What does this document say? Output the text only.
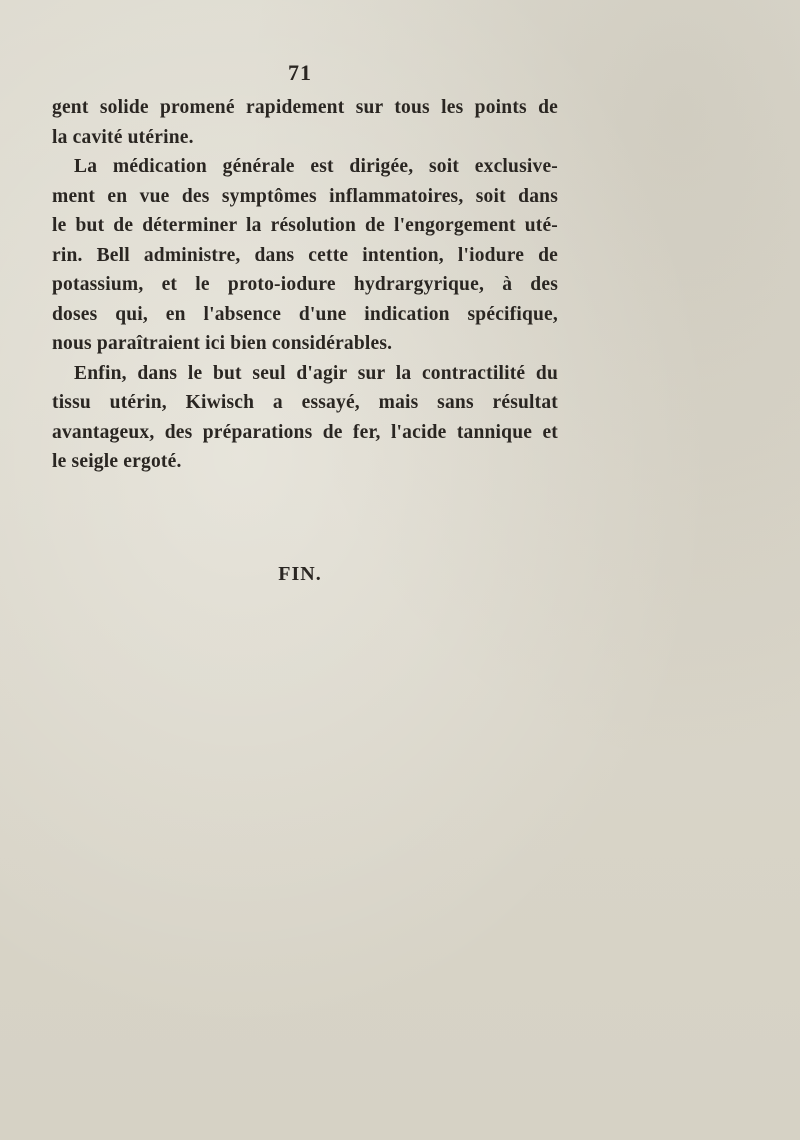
71
gent solide promené rapidement sur tous les points de
la cavité utérine.
La médication générale est dirigée, soit exclusive-
ment en vue des symptômes inflammatoires, soit dans
le but de déterminer la résolution de l'engorgement uté-
rin. Bell administre, dans cette intention, l'iodure de
potassium, et le proto-iodure hydrargyrique, à des
doses qui, en l'absence d'une indication spécifique,
nous paraîtraient ici bien considérables.
Enfin, dans le but seul d'agir sur la contractilité du
tissu utérin, Kiwisch a essayé, mais sans résultat
avantageux, des préparations de fer, l'acide tannique et
le seigle ergoté.
FIN.
